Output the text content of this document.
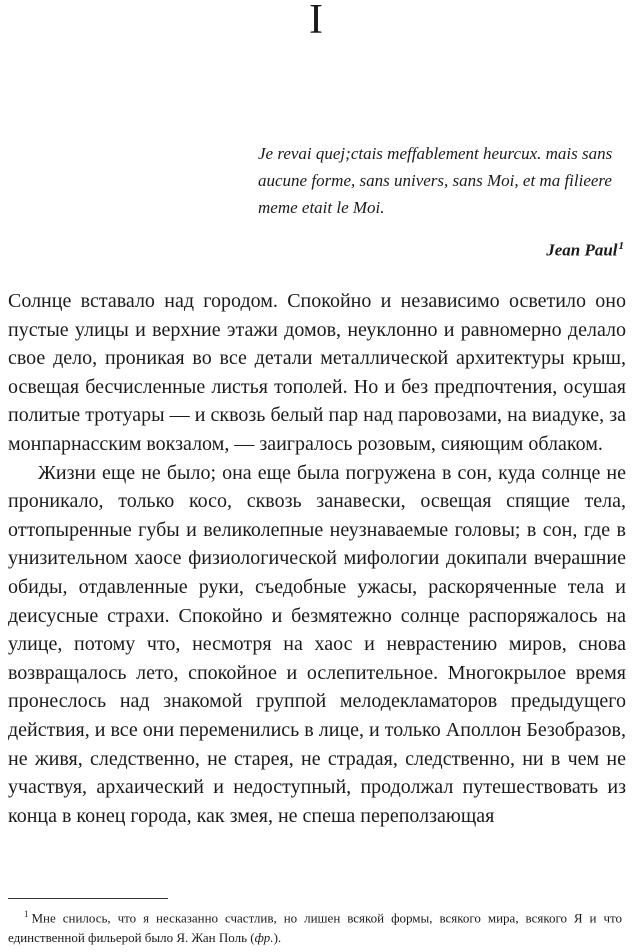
I
Je revai quej;ctais meffablement heurcux. mais sans aucune forme, sans univers, sans Moi, et ma filieere meme etait le Moi.
Jean Paul$^1$

Солнце вставало над городом. Спокойно и независимо осветило оно пустые улицы и верхние этажи домов, неуклонно и равномерно делало свое дело, проникая во все детали металлической архитектуры крыш, освещая бесчисленные листья тополей. Но и без предпочтения, осушая политые тротуары — и сквозь белый пар над паровозами, на виадуке, за монпарнасским вокзалом, — заигралось розовым, сияющим облаком.

Жизни еще не было; она еще была погружена в сон, куда солнце не проникало, только косо, сквозь занавески, освещая спящие тела, оттопыренные губы и великолепные неузнаваемые головы; в сон, где в унизительном хаосе физиологической мифологии докипали вчерашние обиды, отдавленные руки, съедобные ужасы, раскоряченные тела и деисусные страхи. Спокойно и безмятежно солнце распоряжалось на улице, потому что, несмотря на хаос и неврастению миров, снова возвращалось лето, спокойное и ослепительное. Многокрылое время пронеслось над знакомой группой мелодекламаторов предыдущего действия, и все они переменились в лице, и только Аполлон Безобразов, не живя, следственно, не старея, не страдая, следственно, ни в чем не участвуя, архаический и недоступный, продолжал путешествовать из конца в конец города, как змея, не спеша переползающая

$^1$ Мне снилось, что я несказанно счастлив, но лишен всякой формы, всякого мира, всякого Я и что единственной фильерой было Я. Жан Поль (фр.).
